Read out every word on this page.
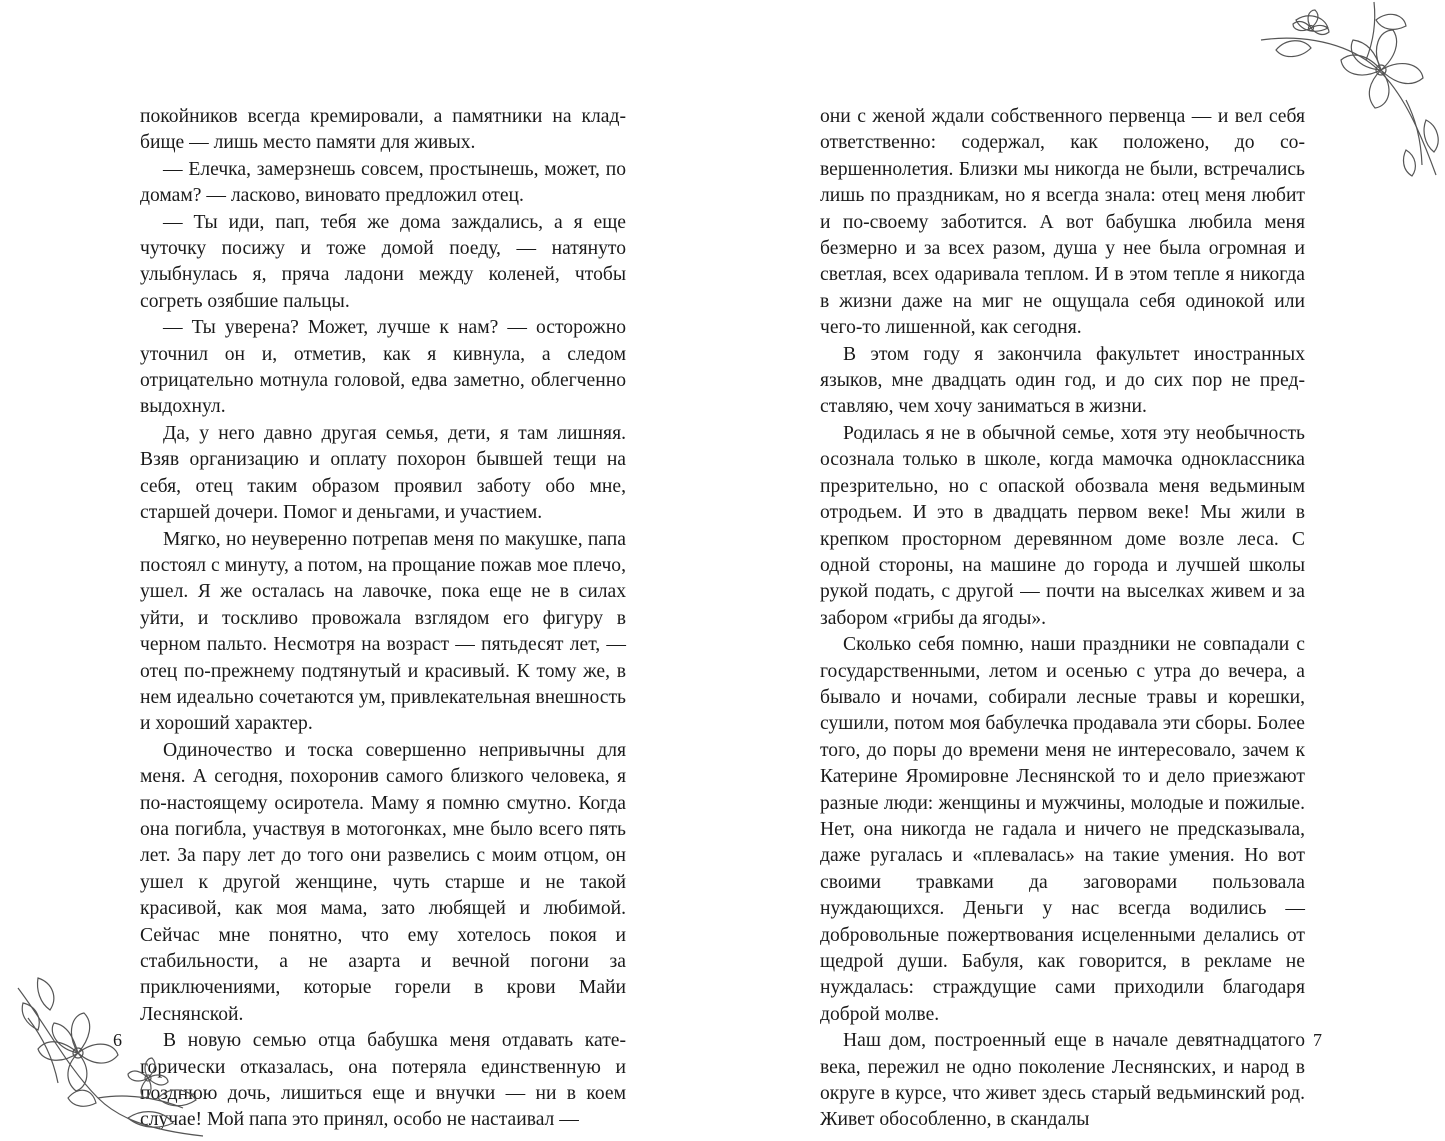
покойников всегда кремировали, а памятники на кладбище — лишь место памяти для живых.

— Елечка, замерзнешь совсем, простынешь, может, по домам? — ласково, виновато предложил отец.

— Ты иди, пап, тебя же дома заждались, а я еще чуточку посижу и тоже домой поеду, — натянуто улыбнулась я, пряча ладони между коленей, чтобы согреть озябшие пальцы.

— Ты уверена? Может, лучше к нам? — осторожно уточнил он и, отметив, как я кивнула, а следом отрицательно мотнула головой, едва заметно, облегченно выдохнул.

Да, у него давно другая семья, дети, я там лишняя. Взяв организацию и оплату похорон бывшей тещи на себя, отец таким образом проявил заботу обо мне, старшей дочери. Помог и деньгами, и участием.

Мягко, но неуверенно потрепав меня по макушке, папа постоял с минуту, а потом, на прощание пожав мое плечо, ушел. Я же осталась на лавочке, пока еще не в силах уйти, и тоскливо провожала взглядом его фигуру в черном пальто. Несмотря на возраст — пятьдесят лет, — отец по-прежнему подтянутый и красивый. К тому же, в нем идеально сочетаются ум, привлекательная внешность и хороший характер.

Одиночество и тоска совершенно непривычны для меня. А сегодня, похоронив самого близкого человека, я по-настоящему осиротела. Маму я помню смутно. Когда она погибла, участвуя в мотогонках, мне было всего пять лет. За пару лет до того они развелись с моим отцом, он ушел к другой женщине, чуть старше и не такой красивой, как моя мама, зато любящей и любимой. Сейчас мне понятно, что ему хотелось покоя и стабильности, а не азарта и вечной погони за приключениями, которые горели в крови Майи Леснянской.

В новую семью отца бабушка меня отдавать категорически отказалась, она потеряла единственную и позднюю дочь, лишиться еще и внучки — ни в коем случае! Мой папа это принял, особо не настаивал —

6

они с женой ждали собственного первенца — и вел себя ответственно: содержал, как положено, до совершеннолетия. Близки мы никогда не были, встречались лишь по праздникам, но я всегда знала: отец меня любит и по-своему заботится. А вот бабушка любила меня безмерно и за всех разом, душа у нее была огромная и светлая, всех одаривала теплом. И в этом тепле я никогда в жизни даже на миг не ощущала себя одинокой или чего-то лишенной, как сегодня.

В этом году я закончила факультет иностранных языков, мне двадцать один год, и до сих пор не представляю, чем хочу заниматься в жизни.

Родилась я не в обычной семье, хотя эту необычность осознала только в школе, когда мамочка одноклассника презрительно, но с опаской обозвала меня ведьминым отродьем. И это в двадцать первом веке! Мы жили в крепком просторном деревянном доме возле леса. С одной стороны, на машине до города и лучшей школы рукой подать, с другой — почти на выселках живем и за забором «грибы да ягоды».

Сколько себя помню, наши праздники не совпадали с государственными, летом и осенью с утра до вечера, а бывало и ночами, собирали лесные травы и корешки, сушили, потом моя бабулечка продавала эти сборы. Более того, до поры до времени меня не интересовало, зачем к Катерине Яромировне Леснянской то и дело приезжают разные люди: женщины и мужчины, молодые и пожилые. Нет, она никогда не гадала и ничего не предсказывала, даже ругалась и «плевалась» на такие умения. Но вот своими травками да заговорами пользовала нуждающихся. Деньги у нас всегда водились — добровольные пожертвования исцеленными делались от щедрой души. Бабуля, как говорится, в рекламе не нуждалась: страждущие сами приходили благодаря доброй молве.

Наш дом, построенный еще в начале девятнадцатого века, пережил не одно поколение Леснянских, и народ в округе в курсе, что живет здесь старый ведьминский род. Живет обособленно, в скандалы

7
